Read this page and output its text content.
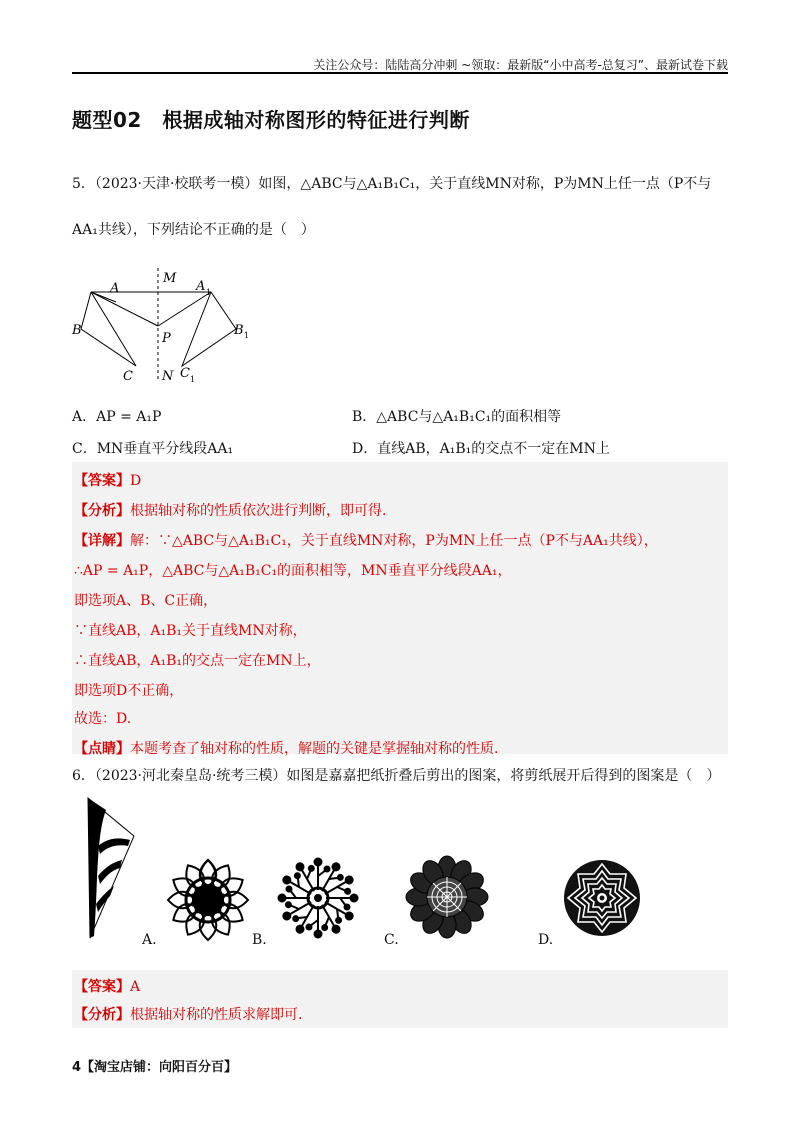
关注公众号：陆陆高分冲刺 ~领取：最新版“小中高考-总复习”、最新试卷下载
题型02　根据成轴对称图形的特征进行判断
5．（2023·天津·校联考一模）如图，△ABC与△A₁B₁C₁，关于直线MN对称，P为MN上任一点（P不与
AA₁共线），下列结论不正确的是（　）
A
M
A 1
B
P
B 1
C N C 1
A．AP = A₁P	B．△ABC与△A₁B₁C₁的面积相等
C．MN垂直平分线段AA₁	D．直线AB，A₁B₁的交点不一定在MN上
【答案】D
【分析】根据轴对称的性质依次进行判断，即可得.
【详解】解：∵△ABC与△A₁B₁C₁，关于直线MN对称，P为MN上任一点（P不与AA₁共线），
∴AP = A₁P，△ABC与△A₁B₁C₁的面积相等，MN垂直平分线段AA₁，
即选项A、B、C正确，
∵直线AB，A₁B₁关于直线MN对称，
∴直线AB，A₁B₁的交点一定在MN上，
即选项D不正确，
故选：D.
【点睛】本题考查了轴对称的性质，解题的关键是掌握轴对称的性质.
6．（2023·河北秦皇岛·统考三模）如图是嘉嘉把纸折叠后剪出的图案，将剪纸展开后得到的图案是（　）
A.	B.	C.	D.
【答案】A
【分析】根据轴对称的性质求解即可.
4【淘宝店铺：向阳百分百】
